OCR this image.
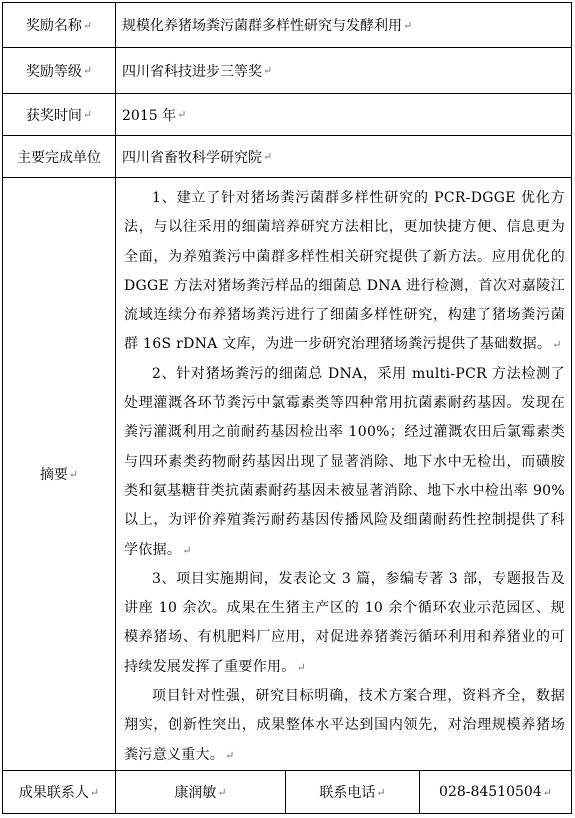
奖励名称 ↵ 规模化养猪场粪污菌群多样性研究与发酵利用 ↵
奖励等级 ↵ 四川省科技进步三等奖 ↵
获奖时间 ↵ 2015 年 ↵
主要完成单位 四川省畜牧科学研究院 ↵
摘要 ↵

1、建立了针对猪场粪污菌群多样性研究的 PCR-DGGE 优化方法，与以往采用的细菌培养研究方法相比，更加快捷方便、信息更为全面，为养殖粪污中菌群多样性相关研究提供了新方法。应用优化的 DGGE 方法对猪场粪污样品的细菌总 DNA 进行检测，首次对嘉陵江流域连续分布养猪场粪污进行了细菌多样性研究，构建了猪场粪污菌群 16S rDNA 文库，为进一步研究治理猪场粪污提供了基础数据。↵

2、针对猪场粪污的细菌总 DNA，采用 multi-PCR 方法检测了处理灌溉各环节粪污中氯霉素类等四种常用抗菌素耐药基因。发现在粪污灌溉利用之前耐药基因检出率 100%；经过灌溉农田后氯霉素类与四环素类药物耐药基因出现了显著消除、地下水中无检出，而磺胺类和氨基糖苷类抗菌素耐药基因未被显著消除、地下水中检出率 90%以上，为评价养殖粪污耐药基因传播风险及细菌耐药性控制提供了科学依据。↵

3、项目实施期间，发表论文 3 篇，参编专著 3 部，专题报告及讲座 10 余次。成果在生猪主产区的 10 余个循环农业示范园区、规模养猪场、有机肥料厂应用，对促进养猪粪污循环利用和养猪业的可持续发展发挥了重要作用。↵

项目针对性强，研究目标明确，技术方案合理，资料齐全，数据翔实，创新性突出，成果整体水平达到国内领先，对治理规模养猪场粪污意义重大。↵

成果联系人 ↵	康润敏 ↵	联系电话 ↵	028-84510504 ↵
